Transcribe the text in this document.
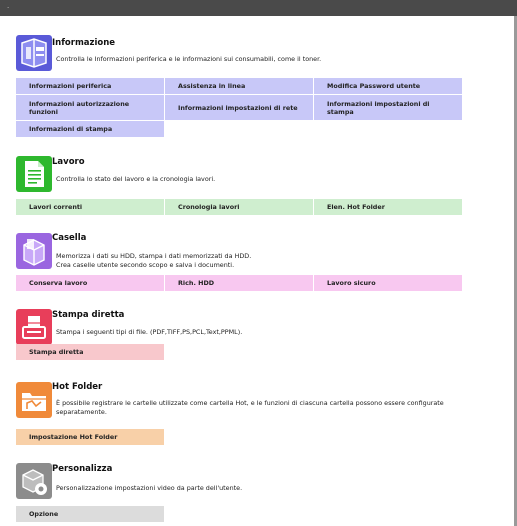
.
Informazione
Controlla le Informazioni periferica e le informazioni sui consumabili, come il toner.
Informazioni periferica	Assistenza in linea	Modifica Password utente
Informazioni autorizzazione funzioni	Informazioni impostazioni di rete	Informazioni impostazioni di stampa
Informazioni di stampa
Lavoro
Controlla lo stato del lavoro e la cronologia lavori.
Lavori correnti	Cronologia lavori	Elen. Hot Folder
Casella
Memorizza i dati su HDD, stampa i dati memorizzati da HDD.
Crea caselle utente secondo scopo e salva i documenti.
Conserva lavoro	Rich. HDD	Lavoro sicuro
Stampa diretta
Stampa i seguenti tipi di file. (PDF,TIFF,PS,PCL,Text,PPML).
Stampa diretta
Hot Folder
È possibile registrare le cartelle utilizzate come cartella Hot, e le funzioni di ciascuna cartella possono essere configurate separatamente.
Impostazione Hot Folder
Personalizza
Personalizzazione impostazioni video da parte dell'utente.
Opzione
